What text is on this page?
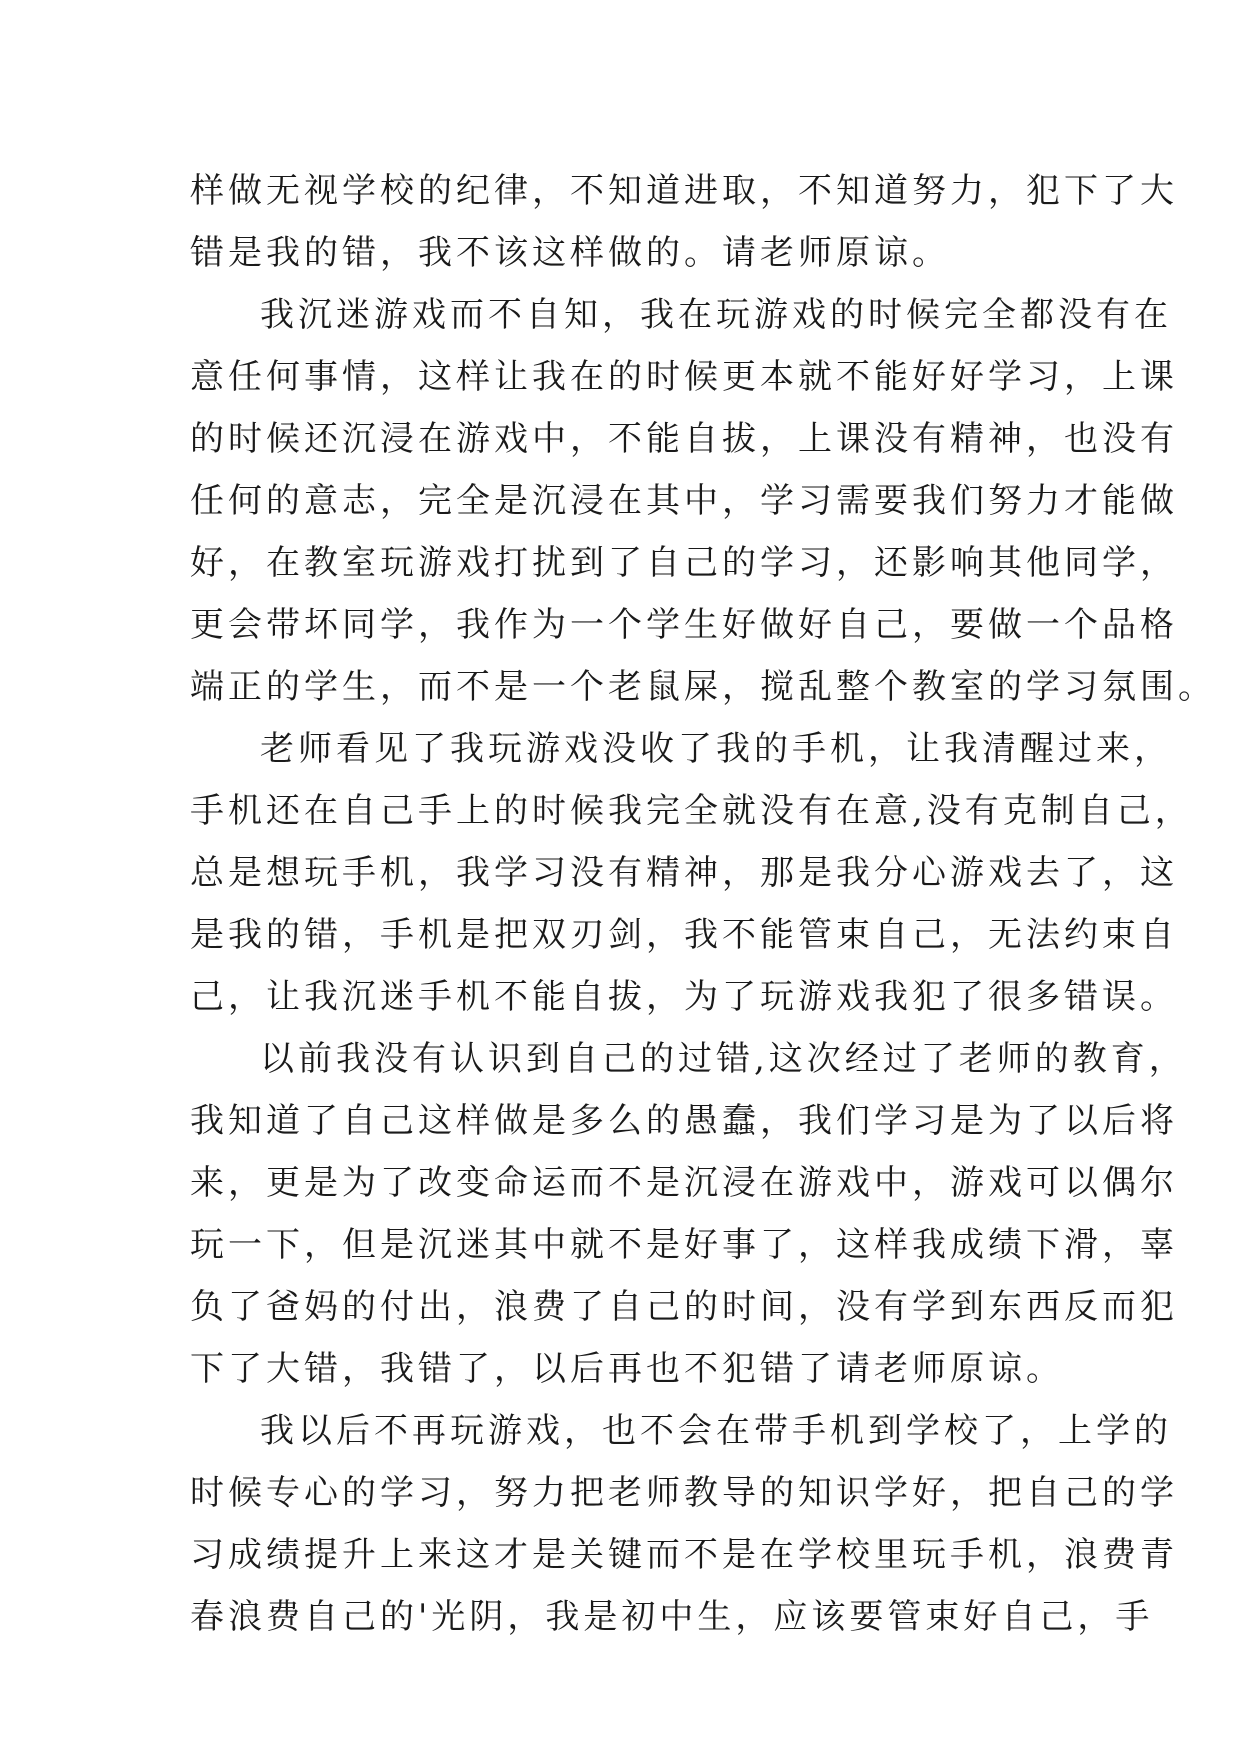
样做无视学校的纪律，不知道进取，不知道努力，犯下了大
错是我的错，我不该这样做的。请老师原谅。
我沉迷游戏而不自知，我在玩游戏的时候完全都没有在
意任何事情，这样让我在的时候更本就不能好好学习，上课
的时候还沉浸在游戏中，不能自拔，上课没有精神，也没有
任何的意志，完全是沉浸在其中，学习需要我们努力才能做
好，在教室玩游戏打扰到了自己的学习，还影响其他同学，
更会带坏同学，我作为一个学生好做好自己，要做一个品格
端正的学生，而不是一个老鼠屎，搅乱整个教室的学习氛围。
老师看见了我玩游戏没收了我的手机，让我清醒过来，
手机还在自己手上的时候我完全就没有在意,没有克制自己，
总是想玩手机，我学习没有精神，那是我分心游戏去了，这
是我的错，手机是把双刃剑，我不能管束自己，无法约束自
己，让我沉迷手机不能自拔，为了玩游戏我犯了很多错误。
以前我没有认识到自己的过错,这次经过了老师的教育，
我知道了自己这样做是多么的愚蠢，我们学习是为了以后将
来，更是为了改变命运而不是沉浸在游戏中，游戏可以偶尔
玩一下，但是沉迷其中就不是好事了，这样我成绩下滑，辜
负了爸妈的付出，浪费了自己的时间，没有学到东西反而犯
下了大错，我错了，以后再也不犯错了请老师原谅。
我以后不再玩游戏，也不会在带手机到学校了，上学的
时候专心的学习，努力把老师教导的知识学好，把自己的学
习成绩提升上来这才是关键而不是在学校里玩手机，浪费青
春浪费自己的'光阴，我是初中生，应该要管束好自己，手
